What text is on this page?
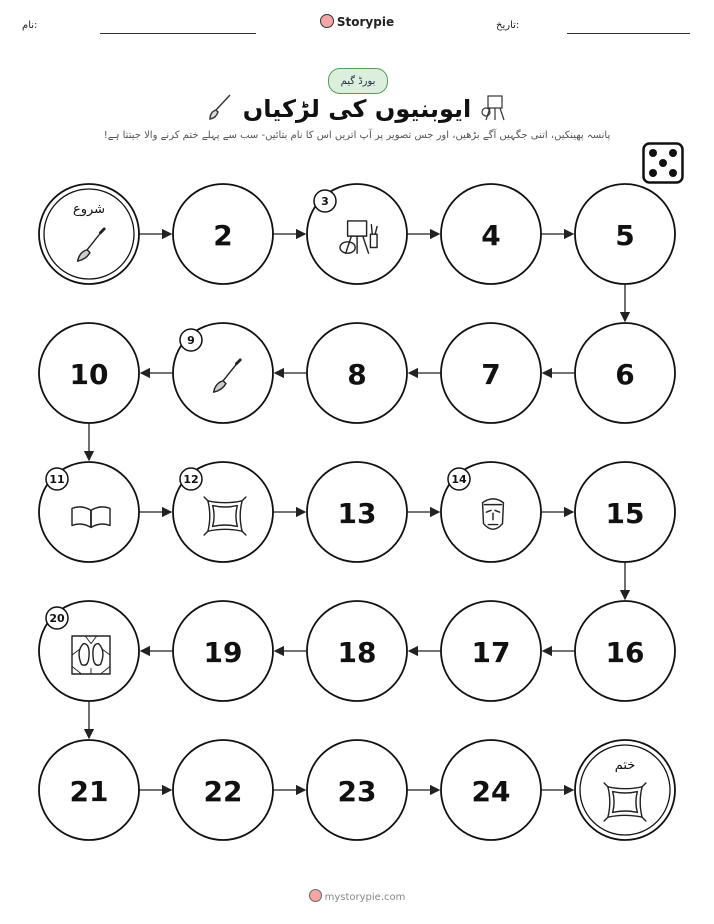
نام:	Storypie	تاریخ:
بورڈ گیم
ایوبنیوں کی لڑکیاں
پانسہ پھینکیں، اتنی جگہیں آگے بڑھیں، اور جس تصویر پر آپ اتریں اس کا نام بتائیں- سب سے پہلے ختم کرنے والا جیتتا ہے!
شروع
2
3
4	5
6
7
8
9
10
11	12
13
14
15
16
17
18
19
20
21	22	23	24
ختم
mystorypie.com
